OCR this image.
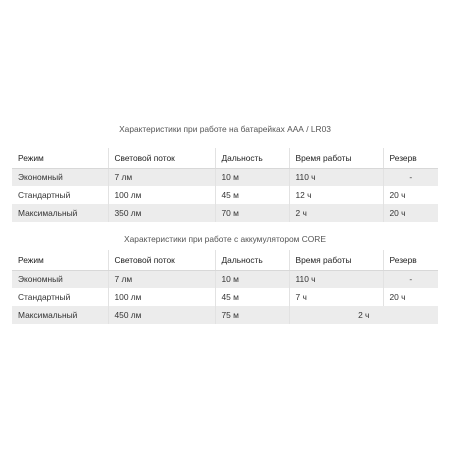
Характеристики при работе на батарейках ААА / LR03
Режим	Световой поток	Дальность	Время работы	Резерв
Экономный	7 лм	10 м	110 ч	-
Стандартный	100 лм	45 м	12 ч	20 ч
Максимальный	350 лм	70 м	2 ч	20 ч
Характеристики при работе с аккумулятором CORE
Режим	Световой поток	Дальность	Время работы	Резерв
Экономный	7 лм	10 м	110 ч	-
Стандартный	100 лм	45 м	7 ч	20 ч
Максимальный	450 лм	75 м	2 ч	
